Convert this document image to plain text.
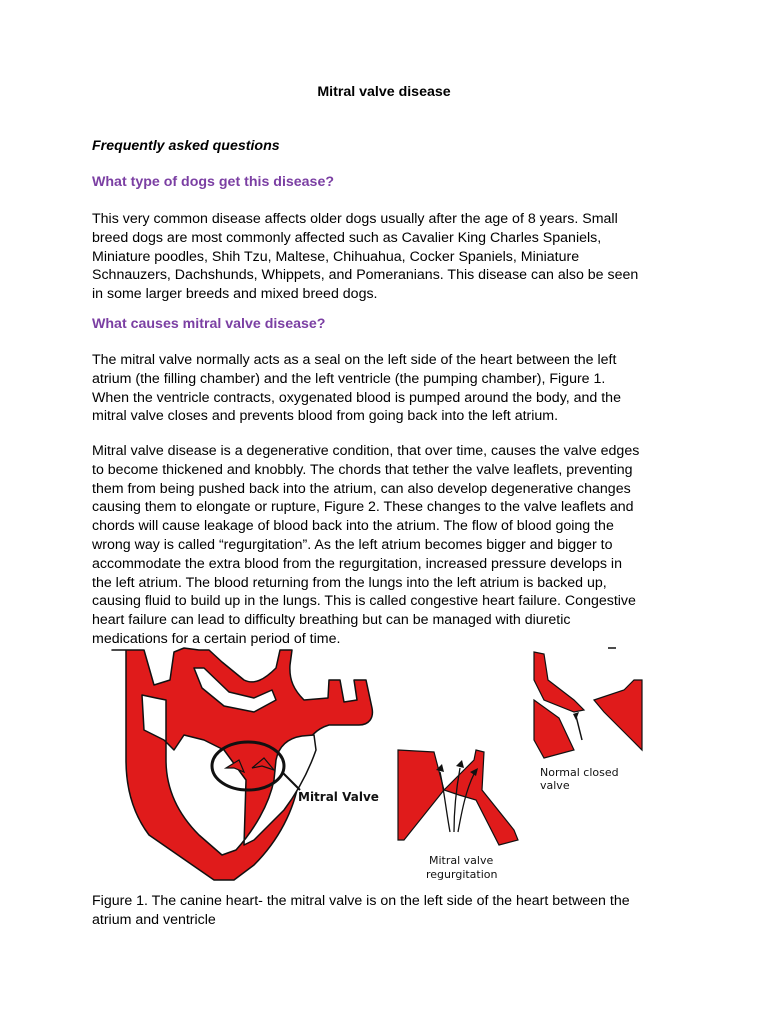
Mitral valve disease
Frequently asked questions
What type of dogs get this disease?
This very common disease affects older dogs usually after the age of 8 years. Small
breed dogs are most commonly affected such as Cavalier King Charles Spaniels,
Miniature poodles, Shih Tzu, Maltese, Chihuahua, Cocker Spaniels, Miniature
Schnauzers, Dachshunds, Whippets, and Pomeranians. This disease can also be seen
in some larger breeds and mixed breed dogs.
What causes mitral valve disease?
The mitral valve normally acts as a seal on the left side of the heart between the left
atrium (the filling chamber) and the left ventricle (the pumping chamber), Figure 1.
When the ventricle contracts, oxygenated blood is pumped around the body, and the
mitral valve closes and prevents blood from going back into the left atrium.
Mitral valve disease is a degenerative condition, that over time, causes the valve edges
to become thickened and knobbly. The chords that tether the valve leaflets, preventing
them from being pushed back into the atrium, can also develop degenerative changes
causing them to elongate or rupture, Figure 2. These changes to the valve leaflets and
chords will cause leakage of blood back into the atrium. The flow of blood going the
wrong way is called “regurgitation”. As the left atrium becomes bigger and bigger to
accommodate the extra blood from the regurgitation, increased pressure develops in
the left atrium. The blood returning from the lungs into the left atrium is backed up,
causing fluid to build up in the lungs. This is called congestive heart failure. Congestive
heart failure can lead to difficulty breathing but can be managed with diuretic
medications for a certain period of time.
Mitral Valve
Mitral valve
regurgitation
Normal closed valve
Figure 1. The canine heart- the mitral valve is on the left side of the heart between the
atrium and ventricle
